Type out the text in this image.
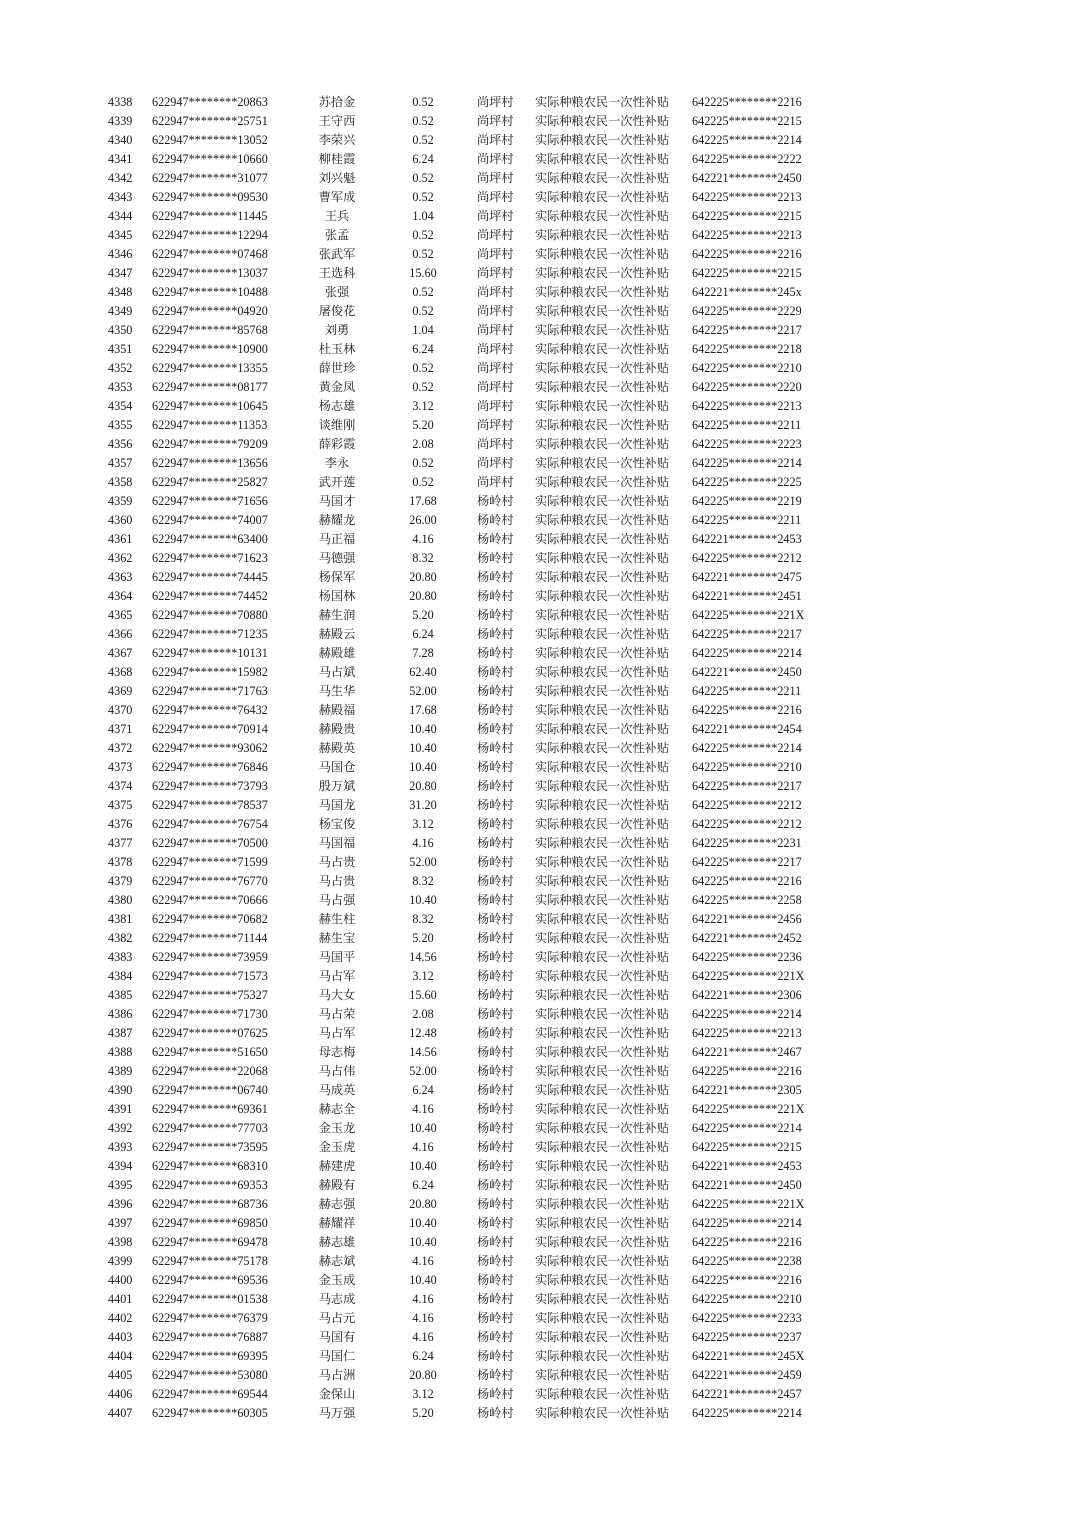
4338 622947********20863	苏拾金	0.52	尚坪村 实际种粮农民一次性补贴 642225********2216
4339 622947********25751	王守西	0.52	尚坪村 实际种粮农民一次性补贴 642225********2215
4340 622947********13052	李荣兴	0.52	尚坪村 实际种粮农民一次性补贴 642225********2214
4341 622947********10660	柳桂霞	6.24	尚坪村 实际种粮农民一次性补贴 642225********2222
4342 622947********31077	刘兴魁	0.52	尚坪村 实际种粮农民一次性补贴 642221********2450
4343 622947********09530	曹军成	0.52	尚坪村 实际种粮农民一次性补贴 642225********2213
4344 622947********11445	王兵	1.04	尚坪村 实际种粮农民一次性补贴 642225********2215
4345 622947********12294	张孟	0.52	尚坪村 实际种粮农民一次性补贴 642225********2213
4346 622947********07468	张武军	0.52	尚坪村 实际种粮农民一次性补贴 642225********2216
4347 622947********13037	王选科	15.60	尚坪村 实际种粮农民一次性补贴 642225********2215
4348 622947********10488	张强	0.52	尚坪村 实际种粮农民一次性补贴 642221********245x
4349 622947********04920	屠俊花	0.52	尚坪村 实际种粮农民一次性补贴 642225********2229
4350 622947********85768	刘勇	1.04	尚坪村 实际种粮农民一次性补贴 642225********2217
4351 622947********10900	杜玉林	6.24	尚坪村 实际种粮农民一次性补贴 642225********2218
4352 622947********13355	薛世珍	0.52	尚坪村 实际种粮农民一次性补贴 642225********2210
4353 622947********08177	黄金凤	0.52	尚坪村 实际种粮农民一次性补贴 642225********2220
4354 622947********10645	杨志雄	3.12	尚坪村 实际种粮农民一次性补贴 642225********2213
4355 622947********11353	谈维刚	5.20	尚坪村 实际种粮农民一次性补贴 642225********2211
4356 622947********79209	薛彩霞	2.08	尚坪村 实际种粮农民一次性补贴 642225********2223
4357 622947********13656	李永	0.52	尚坪村 实际种粮农民一次性补贴 642225********2214
4358 622947********25827	武开莲	0.52	尚坪村 实际种粮农民一次性补贴 642225********2225
4359 622947********71656	马国才	17.68	杨岭村 实际种粮农民一次性补贴 642225********2219
4360 622947********74007	赫耀龙	26.00	杨岭村 实际种粮农民一次性补贴 642225********2211
4361 622947********63400	马正福	4.16	杨岭村 实际种粮农民一次性补贴 642221********2453
4362 622947********71623	马德强	8.32	杨岭村 实际种粮农民一次性补贴 642225********2212
4363 622947********74445	杨保军	20.80	杨岭村 实际种粮农民一次性补贴 642221********2475
4364 622947********74452	杨国林	20.80	杨岭村 实际种粮农民一次性补贴 642221********2451
4365 622947********70880	赫生润	5.20	杨岭村 实际种粮农民一次性补贴 642225********221X
4366 622947********71235	赫殿云	6.24	杨岭村 实际种粮农民一次性补贴 642225********2217
4367 622947********10131	赫殿雄	7.28	杨岭村 实际种粮农民一次性补贴 642225********2214
4368 622947********15982	马占斌	62.40	杨岭村 实际种粮农民一次性补贴 642221********2450
4369 622947********71763	马生华	52.00	杨岭村 实际种粮农民一次性补贴 642225********2211
4370 622947********76432	赫殿福	17.68	杨岭村 实际种粮农民一次性补贴 642225********2216
4371 622947********70914	赫殿贵	10.40	杨岭村 实际种粮农民一次性补贴 642221********2454
4372 622947********93062	赫殿英	10.40	杨岭村 实际种粮农民一次性补贴 642225********2214
4373 622947********76846	马国仓	10.40	杨岭村 实际种粮农民一次性补贴 642225********2210
4374 622947********73793	殷万斌	20.80	杨岭村 实际种粮农民一次性补贴 642225********2217
4375 622947********78537	马国龙	31.20	杨岭村 实际种粮农民一次性补贴 642225********2212
4376 622947********76754	杨宝俊	3.12	杨岭村 实际种粮农民一次性补贴 642225********2212
4377 622947********70500	马国福	4.16	杨岭村 实际种粮农民一次性补贴 642225********2231
4378 622947********71599	马占贵	52.00	杨岭村 实际种粮农民一次性补贴 642225********2217
4379 622947********76770	马占贵	8.32	杨岭村 实际种粮农民一次性补贴 642225********2216
4380 622947********70666	马占强	10.40	杨岭村 实际种粮农民一次性补贴 642225********2258
4381 622947********70682	赫生柱	8.32	杨岭村 实际种粮农民一次性补贴 642221********2456
4382 622947********71144	赫生宝	5.20	杨岭村 实际种粮农民一次性补贴 642221********2452
4383 622947********73959	马国平	14.56	杨岭村 实际种粮农民一次性补贴 642225********2236
4384 622947********71573	马占军	3.12	杨岭村 实际种粮农民一次性补贴 642225********221X
4385 622947********75327	马大女	15.60	杨岭村 实际种粮农民一次性补贴 642221********2306
4386 622947********71730	马占荣	2.08	杨岭村 实际种粮农民一次性补贴 642225********2214
4387 622947********07625	马占军	12.48	杨岭村 实际种粮农民一次性补贴 642225********2213
4388 622947********51650	母志梅	14.56	杨岭村 实际种粮农民一次性补贴 642221********2467
4389 622947********22068	马占伟	52.00	杨岭村 实际种粮农民一次性补贴 642225********2216
4390 622947********06740	马成英	6.24	杨岭村 实际种粮农民一次性补贴 642221********2305
4391 622947********69361	赫志全	4.16	杨岭村 实际种粮农民一次性补贴 642225********221X
4392 622947********77703	金玉龙	10.40	杨岭村 实际种粮农民一次性补贴 642225********2214
4393 622947********73595	金玉虎	4.16	杨岭村 实际种粮农民一次性补贴 642225********2215
4394 622947********68310	赫建虎	10.40	杨岭村 实际种粮农民一次性补贴 642221********2453
4395 622947********69353	赫殿有	6.24	杨岭村 实际种粮农民一次性补贴 642221********2450
4396 622947********68736	赫志强	20.80	杨岭村 实际种粮农民一次性补贴 642225********221X
4397 622947********69850	赫耀祥	10.40	杨岭村 实际种粮农民一次性补贴 642225********2214
4398 622947********69478	赫志雄	10.40	杨岭村 实际种粮农民一次性补贴 642225********2216
4399 622947********75178	赫志斌	4.16	杨岭村 实际种粮农民一次性补贴 642225********2238
4400 622947********69536	金玉成	10.40	杨岭村 实际种粮农民一次性补贴 642225********2216
4401 622947********01538	马志成	4.16	杨岭村 实际种粮农民一次性补贴 642225********2210
4402 622947********76379	马占元	4.16	杨岭村 实际种粮农民一次性补贴 642225********2233
4403 622947********76887	马国有	4.16	杨岭村 实际种粮农民一次性补贴 642225********2237
4404 622947********69395	马国仁	6.24	杨岭村 实际种粮农民一次性补贴 642221********245X
4405 622947********53080	马占洲	20.80	杨岭村 实际种粮农民一次性补贴 642221********2459
4406 622947********69544	金保山	3.12	杨岭村 实际种粮农民一次性补贴 642221********2457
4407 622947********60305	马万强	5.20	杨岭村 实际种粮农民一次性补贴 642225********2214
